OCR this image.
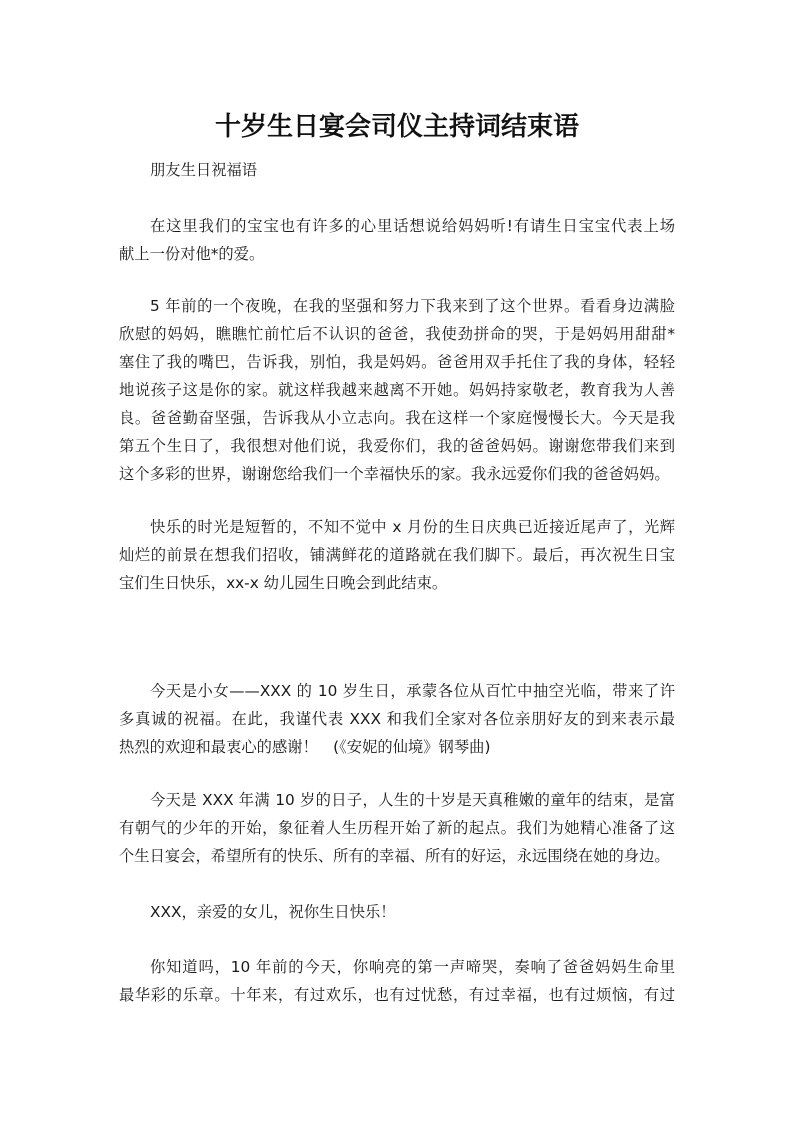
十岁生日宴会司仪主持词结束语
朋友生日祝福语
在这里我们的宝宝也有许多的心里话想说给妈妈听!有请生日宝宝代表上场
献上一份对他*的爱。
5 年前的一个夜晚，在我的坚强和努力下我来到了这个世界。看看身边满脸
欣慰的妈妈，瞧瞧忙前忙后不认识的爸爸，我使劲拼命的哭，于是妈妈用甜甜*
塞住了我的嘴巴，告诉我，别怕，我是妈妈。爸爸用双手托住了我的身体，轻轻
地说孩子这是你的家。就这样我越来越离不开她。妈妈持家敬老，教育我为人善
良。爸爸勤奋坚强，告诉我从小立志向。我在这样一个家庭慢慢长大。今天是我
第五个生日了，我很想对他们说，我爱你们，我的爸爸妈妈。谢谢您带我们来到
这个多彩的世界，谢谢您给我们一个幸福快乐的家。我永远爱你们我的爸爸妈妈。
快乐的时光是短暂的，不知不觉中 x 月份的生日庆典已近接近尾声了，光辉
灿烂的前景在想我们招收，铺满鲜花的道路就在我们脚下。最后，再次祝生日宝
宝们生日快乐，xx-x 幼儿园生日晚会到此结束。
今天是小女——XXX 的 10 岁生日，承蒙各位从百忙中抽空光临，带来了许
多真诚的祝福。在此，我谨代表 XXX 和我们全家对各位亲朋好友的到来表示最
热烈的欢迎和最衷心的感谢！　(《安妮的仙境》钢琴曲)
今天是 XXX 年满 10 岁的日子，人生的十岁是天真稚嫩的童年的结束，是富
有朝气的少年的开始，象征着人生历程开始了新的起点。我们为她精心准备了这
个生日宴会，希望所有的快乐、所有的幸福、所有的好运，永远围绕在她的身边。
XXX，亲爱的女儿，祝你生日快乐！
你知道吗，10 年前的今天，你响亮的第一声啼哭，奏响了爸爸妈妈生命里
最华彩的乐章。十年来，有过欢乐，也有过忧愁，有过幸福，也有过烦恼，有过
